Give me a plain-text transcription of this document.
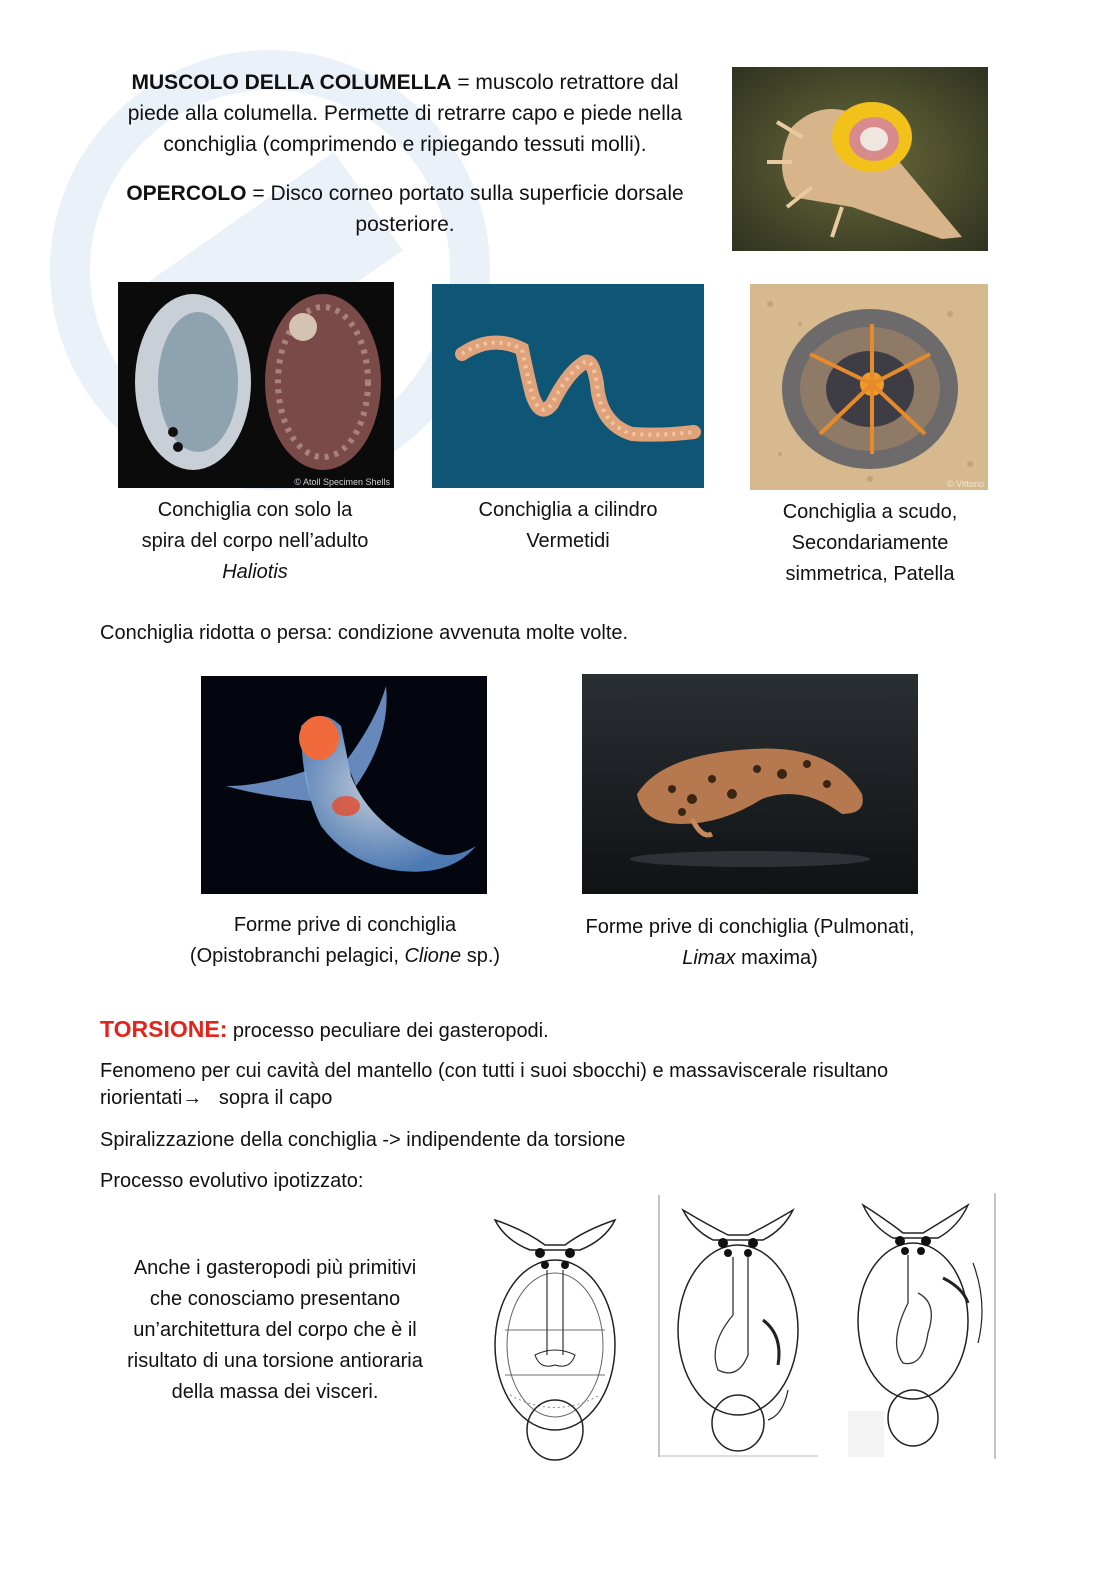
MUSCOLO DELLA COLUMELLA = muscolo retrattore dal
piede alla columella. Permette di retrarre capo e piede nella
conchiglia (comprimendo e ripiegando tessuti molli).
OPERCOLO = Disco corneo portato sulla superficie dorsale
posteriore.
© Atoll Specimen Shells	© Vittorio
Conchiglia con solo la
spira del corpo nell’adulto
Haliotis
Conchiglia a cilindro
Vermetidi
Conchiglia a scudo,
Secondariamente
simmetrica, Patella
Conchiglia ridotta o persa: condizione avvenuta molte volte.
Forme prive di conchiglia
(Opistobranchi pelagici, Clione sp.)
Forme prive di conchiglia (Pulmonati,
Limax maxima)
TORSIONE: processo peculiare dei gasteropodi.
Fenomeno per cui cavità del mantello (con tutti i suoi sbocchi) e massaviscerale risultano
riorientati→   sopra il capo
Spiralizzazione della conchiglia -> indipendente da torsione
Processo evolutivo ipotizzato:
Anche i gasteropodi più primitivi
che conosciamo presentano
un’architettura del corpo che è il
risultato di una torsione antioraria
della massa dei visceri.
